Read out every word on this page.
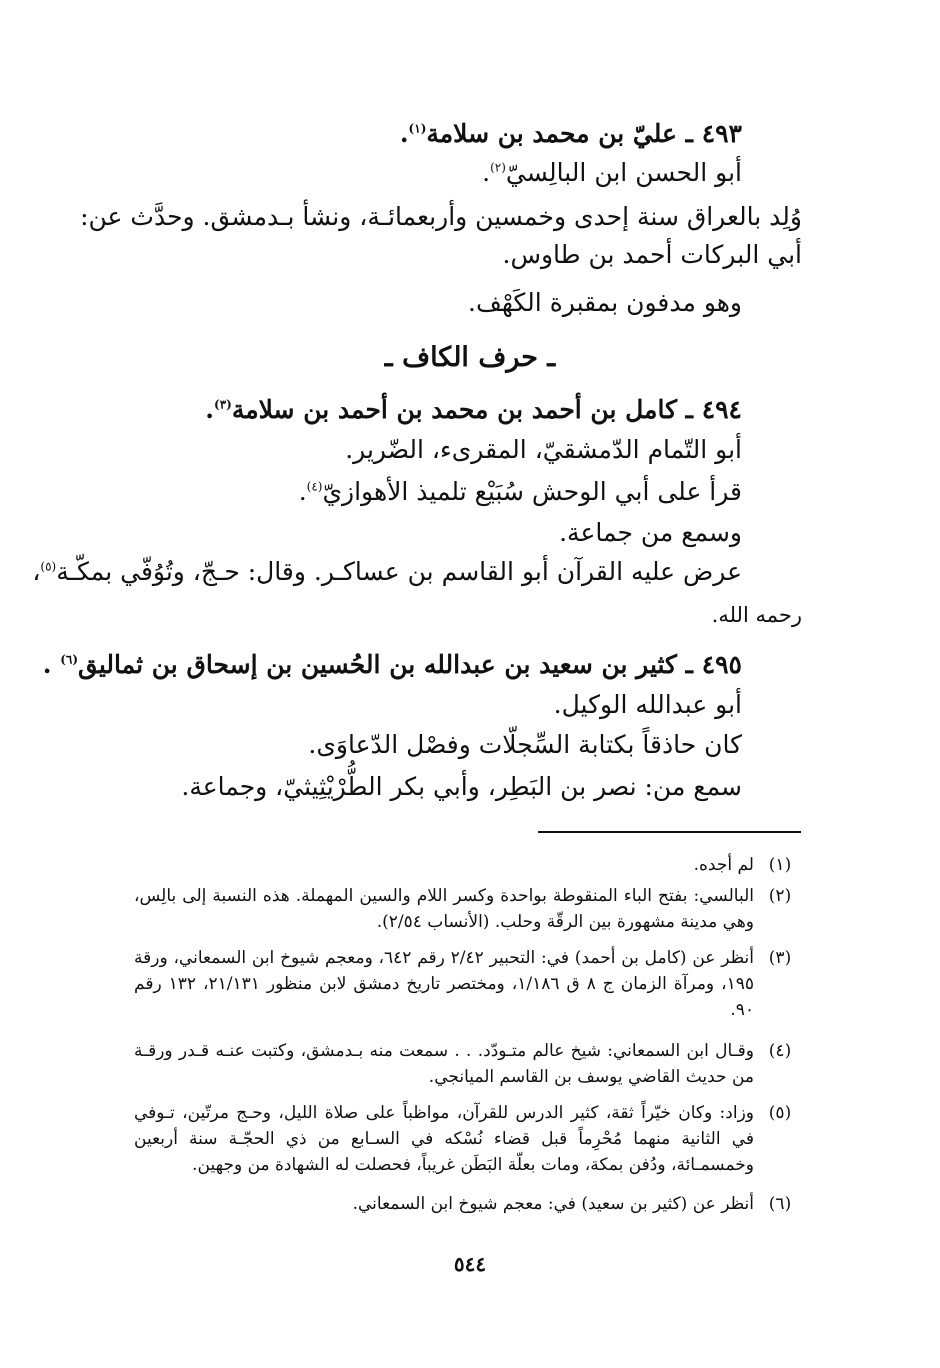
٤٩٣ ـ عليّ بن محمد بن سلامة$^{(١)}$.
أبو الحسن ابن البالِسيّ$^{(٢)}$.
وُلِد بالعراق سنة إحدى وخمسين وأربعمائـة، ونشأ بـدمشق. وحدَّث عن:
أبي البركات أحمد بن طاوس.
وهو مدفون بمقبرة الكَهْف.
ـ حرف الكاف ـ
٤٩٤ ـ كامل بن أحمد بن محمد بن أحمد بن سلامة$^{(٣)}$.
أبو التّمام الدّمشقيّ، المقرىء، الضّرير.
قرأ على أبي الوحش سُبَيْع تلميذ الأهوازيّ$^{(٤)}$.
وسمع من جماعة.
عرض عليه القرآن أبو القاسم بن عساكـر. وقال: حـجّ، وتُوُفّي بمكّـة$^{(٥)}$،
رحمه الله.
٤٩٥ ـ كثير بن سعيد بن عبدالله بن الحُسين بن إسحاق بن ثماليق$^{(٦)}$ .
أبو عبدالله الوكيل.
كان حاذقاً بكتابة السِّجلّات وفصْل الدّعاوَى.
سمع من: نصر بن البَطِر، وأبي بكر الطُّرْيْثِيثيّ، وجماعة.
(١)
لم أجده.
(٢)
البالسي: بفتح الباء المنقوطة بواحدة وكسر اللام والسين المهملة. هذه النسبة إلى بالِس، وهي مدينة مشهورة بين الرقّة وحلب. (الأنساب ٢/٥٤).
(٣)
أنظر عن (كامل بن أحمد) في: التحبير ٢/٤٢ رقم ٦٤٢، ومعجم شيوخ ابن السمعاني، ورقة ١٩٥، ومرآة الزمان ج ٨ ق ١/١٨٦، ومختصر تاريخ دمشق لابن منظور ٢١/١٣١، ١٣٢ رقم ٩٠.
(٤)
وقـال ابن السمعاني: شيخ عالم متـودّد. . . سمعت منه بـدمشق، وكتبت عنـه قـدر ورقـة من حديث القاضي يوسف بن القاسم الميانجي.
(٥)
وزاد: وكان خيّراً ثقة، كثير الدرس للقرآن، مواظباً على صلاة الليل، وحـج مرتّين، تـوفي في الثانية منهما مُحْرِماً قبل قضاء نُسْكه في السـابع من ذي الحجّـة سنة أربعين وخمسمـائة، ودُفن بمكة، ومات بعلّة البَطَن غريباً، فحصلت له الشهادة من وجهين.
(٦)
أنظر عن (كثير بن سعيد) في: معجم شيوخ ابن السمعاني.
٥٤٤
